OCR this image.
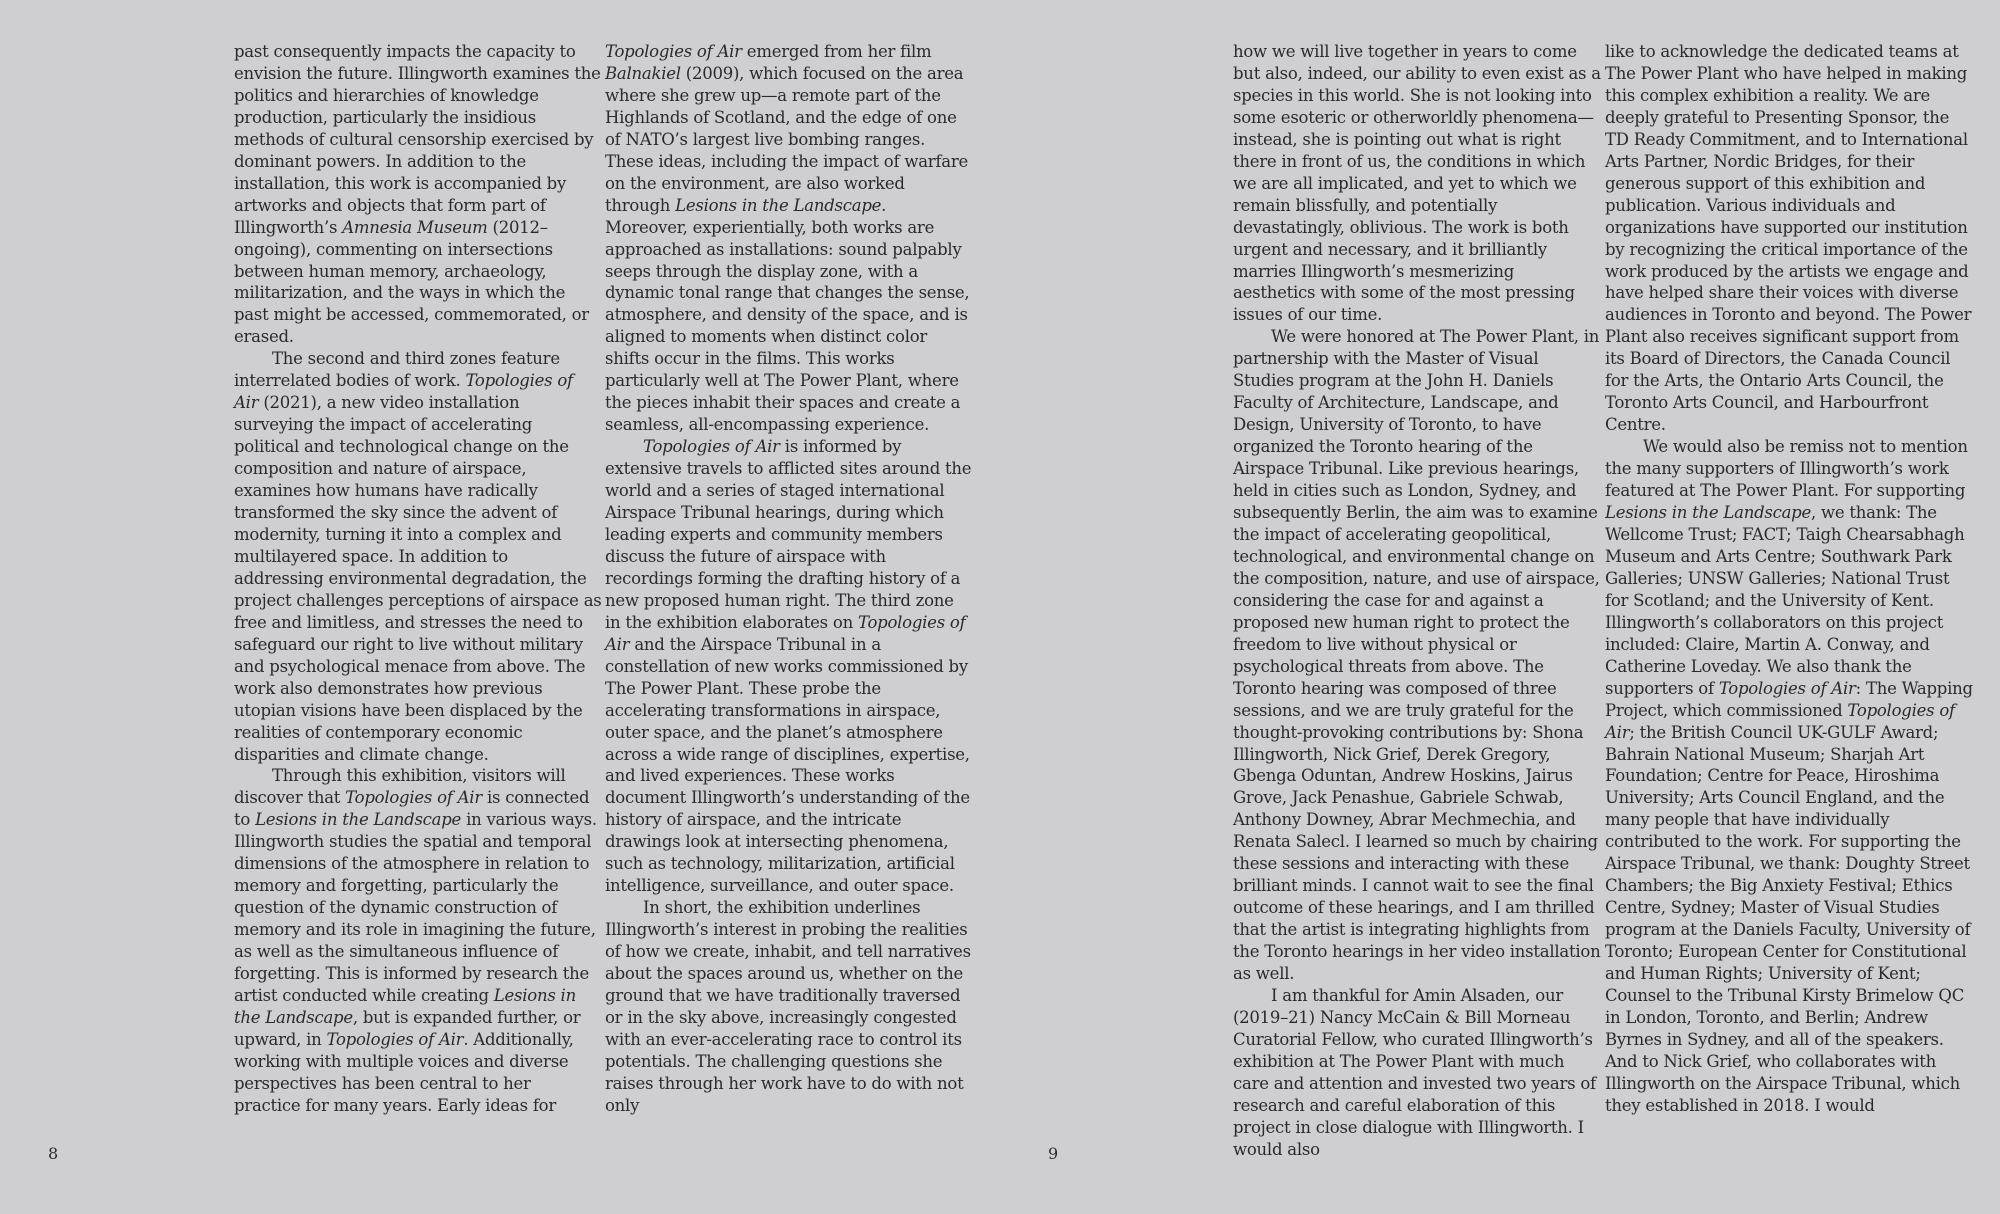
past consequently impacts the capacity to envision the future. Illingworth examines the politics and hierarchies of knowledge production, particularly the insidious methods of cultural censorship exercised by dominant powers. In addition to the installation, this work is accompanied by artworks and objects that form part of Illingworth’s Amnesia Museum (2012–ongoing), commenting on intersections between human memory, archaeology, militarization, and the ways in which the past might be accessed, commemorated, or erased.

The second and third zones feature interrelated bodies of work. Topologies of Air (2021), a new video installation surveying the impact of accelerating political and technological change on the composition and nature of airspace, examines how humans have radically transformed the sky since the advent of modernity, turning it into a complex and multilayered space. In addition to addressing environmental degradation, the project challenges perceptions of airspace as free and limitless, and stresses the need to safeguard our right to live without military and psychological menace from above. The work also demonstrates how previous utopian visions have been displaced by the realities of contemporary economic disparities and climate change.

Through this exhibition, visitors will discover that Topologies of Air is connected to Lesions in the Landscape in various ways. Illingworth studies the spatial and temporal dimensions of the atmosphere in relation to memory and forgetting, particularly the question of the dynamic construction of memory and its role in imagining the future, as well as the simultaneous influence of forgetting. This is informed by research the artist conducted while creating Lesions in the Landscape, but is expanded further, or upward, in Topologies of Air. Additionally, working with multiple voices and diverse perspectives has been central to her practice for many years. Early ideas for

Topologies of Air emerged from her film Balnakiel (2009), which focused on the area where she grew up—a remote part of the Highlands of Scotland, and the edge of one of NATO’s largest live bombing ranges. These ideas, including the impact of warfare on the environment, are also worked through Lesions in the Landscape. Moreover, experientially, both works are approached as installations: sound palpably seeps through the display zone, with a dynamic tonal range that changes the sense, atmosphere, and density of the space, and is aligned to moments when distinct color shifts occur in the films. This works particularly well at The Power Plant, where the pieces inhabit their spaces and create a seamless, all-encompassing experience.

Topologies of Air is informed by extensive travels to afflicted sites around the world and a series of staged international Airspace Tribunal hearings, during which leading experts and community members discuss the future of airspace with recordings forming the drafting history of a new proposed human right. The third zone in the exhibition elaborates on Topologies of Air and the Airspace Tribunal in a constellation of new works commissioned by The Power Plant. These probe the accelerating transformations in airspace, outer space, and the planet’s atmosphere across a wide range of disciplines, expertise, and lived experiences. These works document Illingworth’s understanding of the history of airspace, and the intricate drawings look at intersecting phenomena, such as technology, militarization, artificial intelligence, surveillance, and outer space.

In short, the exhibition underlines Illingworth’s interest in probing the realities of how we create, inhabit, and tell narratives about the spaces around us, whether on the ground that we have traditionally traversed or in the sky above, increasingly congested with an ever-accelerating race to control its potentials. The challenging questions she raises through her work have to do with not only

8

how we will live together in years to come but also, indeed, our ability to even exist as a species in this world. She is not looking into some esoteric or otherworldly phenomena—instead, she is pointing out what is right there in front of us, the conditions in which we are all implicated, and yet to which we remain blissfully, and potentially devastatingly, oblivious. The work is both urgent and necessary, and it brilliantly marries Illingworth’s mesmerizing aesthetics with some of the most pressing issues of our time.

We were honored at The Power Plant, in partnership with the Master of Visual Studies program at the John H. Daniels Faculty of Architecture, Landscape, and Design, University of Toronto, to have organized the Toronto hearing of the Airspace Tribunal. Like previous hearings, held in cities such as London, Sydney, and subsequently Berlin, the aim was to examine the impact of accelerating geopolitical, technological, and environmental change on the composition, nature, and use of airspace, considering the case for and against a proposed new human right to protect the freedom to live without physical or psychological threats from above. The Toronto hearing was composed of three sessions, and we are truly grateful for the thought-provoking contributions by: Shona Illingworth, Nick Grief, Derek Gregory, Gbenga Oduntan, Andrew Hoskins, Jairus Grove, Jack Penashue, Gabriele Schwab, Anthony Downey, Abrar Mechmechia, and Renata Salecl. I learned so much by chairing these sessions and interacting with these brilliant minds. I cannot wait to see the final outcome of these hearings, and I am thrilled that the artist is integrating highlights from the Toronto hearings in her video installation as well.

I am thankful for Amin Alsaden, our (2019–21) Nancy McCain & Bill Morneau Curatorial Fellow, who curated Illingworth’s exhibition at The Power Plant with much care and attention and invested two years of research and careful elaboration of this project in close dialogue with Illingworth. I would also

like to acknowledge the dedicated teams at The Power Plant who have helped in making this complex exhibition a reality. We are deeply grateful to Presenting Sponsor, the TD Ready Commitment, and to International Arts Partner, Nordic Bridges, for their generous support of this exhibition and publication. Various individuals and organizations have supported our institution by recognizing the critical importance of the work produced by the artists we engage and have helped share their voices with diverse audiences in Toronto and beyond. The Power Plant also receives significant support from its Board of Directors, the Canada Council for the Arts, the Ontario Arts Council, the Toronto Arts Council, and Harbourfront Centre.

We would also be remiss not to mention the many supporters of Illingworth’s work featured at The Power Plant. For supporting Lesions in the Landscape, we thank: The Wellcome Trust; FACT; Taigh Chearsabhagh Museum and Arts Centre; Southwark Park Galleries; UNSW Galleries; National Trust for Scotland; and the University of Kent. Illingworth’s collaborators on this project included: Claire, Martin A. Conway, and Catherine Loveday. We also thank the supporters of Topologies of Air: The Wapping Project, which commissioned Topologies of Air; the British Council UK-GULF Award; Bahrain National Museum; Sharjah Art Foundation; Centre for Peace, Hiroshima University; Arts Council England, and the many people that have individually contributed to the work. For supporting the Airspace Tribunal, we thank: Doughty Street Chambers; the Big Anxiety Festival; Ethics Centre, Sydney; Master of Visual Studies program at the Daniels Faculty, University of Toronto; European Center for Constitutional and Human Rights; University of Kent; Counsel to the Tribunal Kirsty Brimelow QC in London, Toronto, and Berlin; Andrew Byrnes in Sydney, and all of the speakers. And to Nick Grief, who collaborates with Illingworth on the Airspace Tribunal, which they established in 2018. I would

9
